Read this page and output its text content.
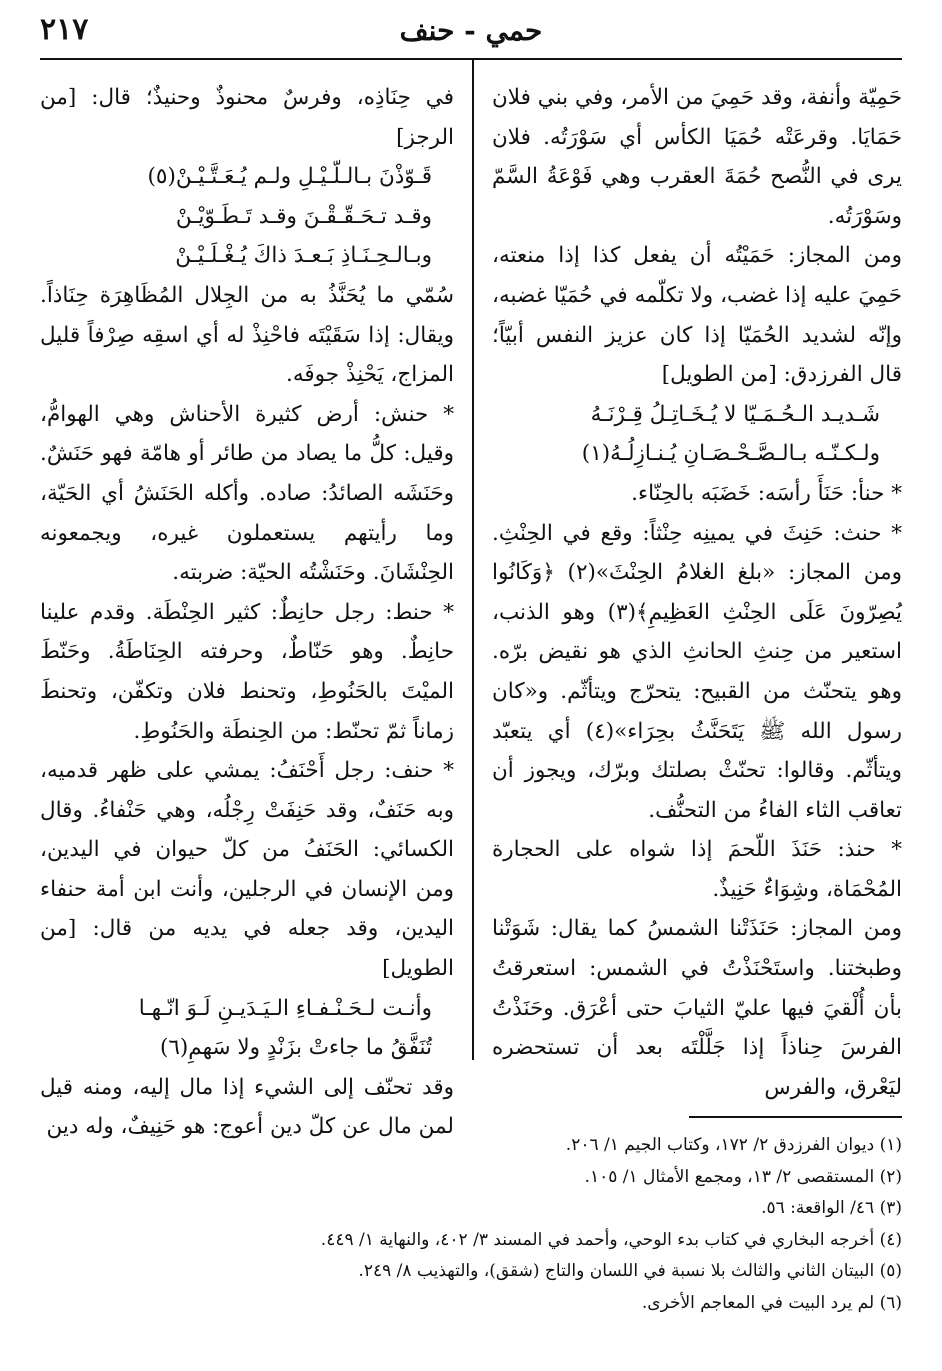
٢١٧	حمي - حنف

حَمِيّة وأنفة، وقد حَمِيَ من الأمر، وفي بني فلان حَمَايَا. وقرعَتْه حُمَيَا الكأس أي سَوْرَتُه. فلان يرى في النُّصح حُمَةَ العقرب وهي فَوْعَةُ السَّمّ وسَوْرَتُه.

ومن المجاز: حَمَيْتُه أن يفعل كذا إذا منعته، حَمِيَ عليه إذا غضب، ولا تكلّمه في حُمَيّا غضبه، وإنّه لشديد الحُمَيّا إذا كان عزيز النفس أبيّاً؛ قال الفرزدق: [من الطويل]

شَـديـد الـحُـمَـيّا لا يُـخَـاتِـلُ قِـرْنَـهُ
ولـكـنّـه بـالـصَّـحْـصَـانِ يُـنـازِلُـهُ(١)

* حنأ: حَنَأَ رأسَه: خَضَبَه بالحِنّاء.

* حنث: حَنِثَ في يمينِه حِنْثاً: وقع في الحِنْثِ. ومن المجاز: «بلغ الغلامُ الحِنْثَ»(٢) ﴿وَكَانُوا يُصِرّونَ عَلَى الحِنْثِ العَظِيمِ﴾(٣) وهو الذنب، استعير من حِنثِ الحانثِ الذي هو نقيض برّه. وهو يتحنّث من القبيح: يتحرّج ويتأثّم. و«كان رسول الله ﷺ يَتَحَنَّثُ بحِرَاء»(٤) أي يتعبّد ويتأثّم. وقالوا: تحنّثْ بصلتك وبرّك، ويجوز أن تعاقب الثاء الفاءُ من التحنُّف.

* حنذ: حَنَذَ اللّحمَ إذا شواه على الحجارة المُحْمَاة، وشِوَاءٌ حَنِيذٌ.

ومن المجاز: حَنَذَتْنا الشمسُ كما يقال: شَوَتْنا وطبختنا. واستَحْنَذْتُ في الشمس: استعرقتُ بأن أُلْقيَ فيها عليّ الثيابَ حتى أعْرَق. وحَنَذْتُ الفرسَ حِناذاً إذا جَلَّلْتَه بعد أن تستحضره ليَعْرق، والفرس

في حِنَاذِه، وفرسٌ محنوذٌ وحنيذٌ؛ قال: [من الرجز]

قَـوّذْنَ بـالـلّـيْـلِ ولـم يُـعَـتَّـيْـنْ(٥)
وقـد تـحَـقّـقْـنَ وقـد تَـطَـوّيْـنْ
وبـالـحِـنَـاذِ بَـعـدَ ذاكَ يُـغْـلَـيْـنْ

سُمّي ما يُحَنَّذُ به من الجِلال المُظَاهِرَة حِنَاذاً. ويقال: إذا سَقَيْتَه فاحْنِذْ له أي اسقِه صِرْفاً قليل المزاج، يَحْنِذْ جوفَه.

* حنش: أرض كثيرة الأحناش وهي الهوامُّ، وقيل: كلُّ ما يصاد من طائر أو هامّة فهو حَنَشٌ. وحَنَشَه الصائدُ: صاده. وأكله الحَنَشُ أي الحَيّة، وما رأيتهم يستعملون غيره، ويجمعونه الحِنْشَانَ. وحَنَشْتُه الحيّة: ضربته.

* حنط: رجل حانِطٌ: كثير الحِنْطَة. وقدم علينا حانِطٌ. وهو حَنّاطٌ، وحرفته الحِنَاطَةُ. وحَنّطَ الميْتَ بالحَنُوطِ، وتحنط فلان وتكفّن، وتحنطَ زماناً ثمّ تحنّط: من الحِنطَة والحَنُوطِ.

* حنف: رجل أَحْنَفُ: يمشي على ظهر قدميه، وبه حَنَفٌ، وقد حَنِفَتْ رِجْلُه، وهي حَنْفاءُ. وقال الكسائي: الحَنَفُ من كلّ حيوان في اليدين، ومن الإنسان في الرجلين، وأنت ابن أمة حنفاء اليدين، وقد جعله في يديه من قال: [من الطويل]

وأنـت لـحَـنْـفـاءِ الـيَـدَيـنِ لَـوَ انّـهـا
تُنَفَّقُ ما جاءتْ بزَنْدٍ ولا سَهمِ(٦)

وقد تحنّف إلى الشيء إذا مال إليه، ومنه قيل لمن مال عن كلّ دين أعوج: هو حَنِيفٌ، وله دين

(١) ديوان الفرزدق ٢/ ١٧٢، وكتاب الجيم ١/ ٢٠٦.
(٢) المستقصى ٢/ ١٣، ومجمع الأمثال ١/ ١٠٥.
(٣) ٤٦/ الواقعة: ٥٦.
(٤) أخرجه البخاري في كتاب بدء الوحي، وأحمد في المسند ٣/ ٤٠٢، والنهاية ١/ ٤٤٩.
(٥) البيتان الثاني والثالث بلا نسبة في اللسان والتاج (شقق)، والتهذيب ٨/ ٢٤٩.
(٦) لم يرد البيت في المعاجم الأخرى.
